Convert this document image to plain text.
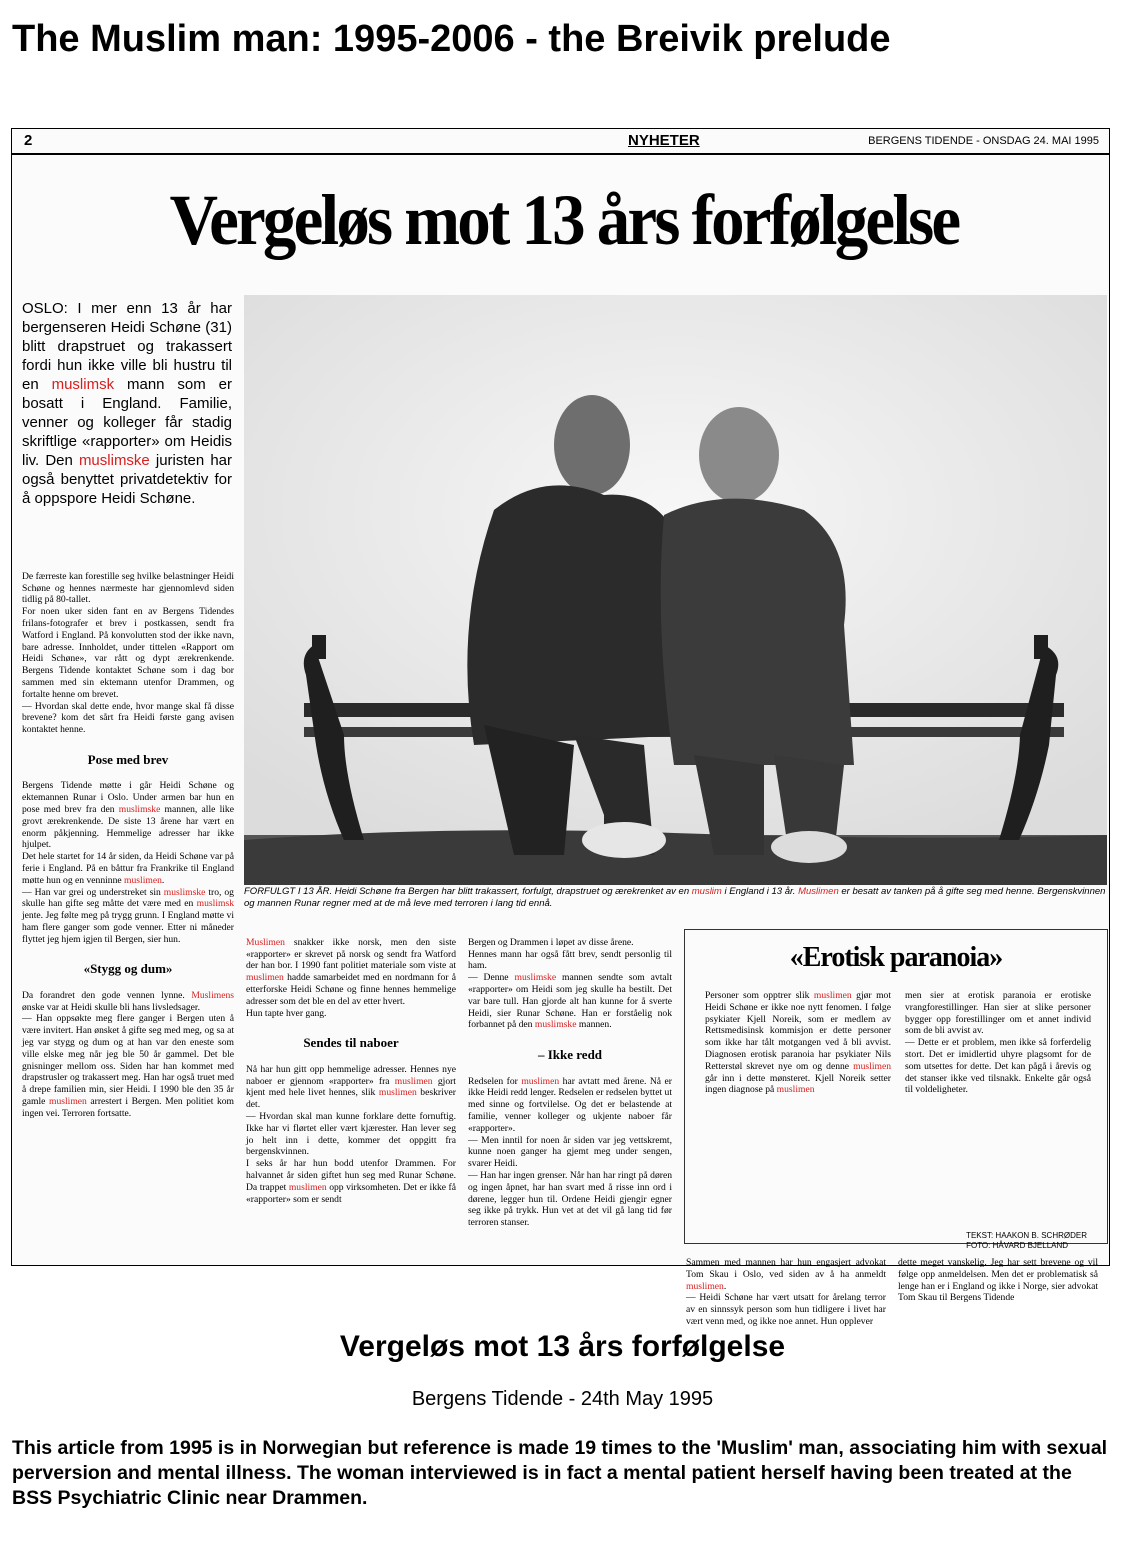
The Muslim man: 1995-2006 - the Breivik prelude
2	NYHETER	BERGENS TIDENDE - ONSDAG 24. MAI 1995
Vergeløs mot 13 års forfølgelse
OSLO: I mer enn 13 år har bergenseren Heidi Schøne (31) blitt drapstruet og trakassert fordi hun ikke ville bli hustru til en muslimsk mann som er bosatt i England. Familie, venner og kolleger får stadig skriftlige «rapporter» om Heidis liv. Den muslimske juristen har også benyttet privatdetektiv for å oppspore Heidi Schøne.

De færreste kan forestille seg hvilke belastninger Heidi Schøne og hennes nærmeste har gjennomlevd siden tidlig på 80-tallet.
For noen uker siden fant en av Bergens Tidendes frilans-fotografer et brev i postkassen, sendt fra Watford i England. På konvolutten stod der ikke navn, bare adresse. Innholdet, under tittelen «Rapport om Heidi Schøne», var rått og dypt ærekrenkende. Bergens Tidende kontaktet Schøne som i dag bor sammen med sin ektemann utenfor Drammen, og fortalte henne om brevet.
— Hvordan skal dette ende, hvor mange skal få disse brevene? kom det sårt fra Heidi første gang avisen kontaktet henne.

Pose med brev

Bergens Tidende møtte i går Heidi Schøne og ektemannen Runar i Oslo. Under armen bar hun en pose med brev fra den muslimske mannen, alle like grovt ærekrenkende. De siste 13 årene har vært en enorm påkjenning. Hemmelige adresser har ikke hjulpet.
Det hele startet for 14 år siden, da Heidi Schøne var på ferie i England. På en båttur fra Frankrike til England møtte hun og en venninne muslimen.
— Han var grei og understreket sin muslimske tro, og skulle han gifte seg måtte det være med en muslimsk jente. Jeg følte meg på trygg grunn. I England møtte vi ham flere ganger som gode venner. Etter ni måneder flyttet jeg hjem igjen til Bergen, sier hun.

«Stygg og dum»

Da forandret den gode vennen lynne. Muslimens ønske var at Heidi skulle bli hans livsledsager.
— Han oppsøkte meg flere ganger i Bergen uten å være invitert. Han ønsket å gifte seg med meg, og sa at jeg var stygg og dum og at han var den eneste som ville elske meg når jeg ble 50 år gammel. Det ble gnisninger mellom oss. Siden har han kommet med drapstrusler og trakassert meg. Han har også truet med å drepe familien min, sier Heidi. I 1990 ble den 35 år gamle muslimen arrestert i Bergen. Men politiet kom ingen vei. Terroren fortsatte.

FORFULGT I 13 ÅR. Heidi Schøne fra Bergen har blitt trakassert, forfulgt, drapstruet og ærekrenket av en muslim i England i 13 år. Muslimen er besatt av tanken på å gifte seg med henne. Bergenskvinnen og mannen Runar regner med at de må leve med terroren i lang tid ennå.

Muslimen snakker ikke norsk, men den siste «rapporter» er skrevet på norsk og sendt fra Watford der han bor. I 1990 fant politiet materiale som viste at muslimen hadde samarbeidet med en nordmann for å etterforske Heidi Schøne og finne hennes hemmelige adresser som det ble en del av etter hvert.
Hun tapte hver gang.

Sendes til naboer

Nå har hun gitt opp hemmelige adresser. Hennes nye naboer er gjennom «rapporter» fra muslimen gjort kjent med hele livet hennes, slik muslimen beskriver det.
— Hvordan skal man kunne forklare dette fornuftig. Ikke har vi flørtet eller vært kjærester. Han lever seg jo helt inn i dette, kommer det oppgitt fra bergenskvinnen.
I seks år har hun bodd utenfor Drammen. For halvannet år siden giftet hun seg med Runar Schøne. Da trappet muslimen opp virksomheten. Det er ikke få «rapporter» som er sendt

Bergen og Drammen i løpet av disse årene.
Hennes mann har også fått brev, sendt personlig til ham.
— Denne muslimske mannen sendte som avtalt «rapporter» om Heidi som jeg skulle ha bestilt. Det var bare tull. Han gjorde alt han kunne for å sverte Heidi, sier Runar Schøne. Han er forståelig nok forbannet på den muslimske mannen.

– Ikke redd

Redselen for muslimen har avtatt med årene. Nå er ikke Heidi redd lenger. Redselen er redselen byttet ut med sinne og fortvilelse. Og det er belastende at familie, venner kolleger og ukjente naboer får «rapporter».
— Men inntil for noen år siden var jeg vettskremt, kunne noen ganger ha gjemt meg under sengen, svarer Heidi.
— Han har ingen grenser. Når han har ringt på døren og ingen åpnet, har han svart med å risse inn ord i dørene, legger hun til. Ordene Heidi gjengir egner seg ikke på trykk. Hun vet at det vil gå lang tid før terroren stanser.

«Erotisk paranoia»
Personer som opptrer slik muslimen gjør mot Heidi Schøne er ikke noe nytt fenomen. I følge psykiater Kjell Noreik, som er medlem av Rettsmedisinsk kommisjon er dette personer som ikke har tålt motgangen ved å bli avvist. Diagnosen erotisk paranoia har psykiater Nils Retterstøl skrevet nye om og denne muslimen går inn i dette mønsteret. Kjell Noreik setter ingen diagnose på muslimen
men sier at erotisk paranoia er erotiske vrangforestillinger. Han sier at slike personer bygger opp forestillinger om et annet individ som de bli avvist av.
— Dette er et problem, men ikke så forferdelig stort. Det er imidlertid uhyre plagsomt for de som utsettes for dette. Det kan pågå i årevis og det stanser ikke ved tilsnakk. Enkelte går også til voldeligheter.
Sammen med mannen har hun engasjert advokat Tom Skau i Oslo, ved siden av å ha anmeldt muslimen.
— Heidi Schøne har vært utsatt for årelang terror av en sinnssyk person som hun tidligere i livet har vært venn med, og ikke noe annet. Hun opplever
dette meget vanskelig. Jeg har sett brevene og vil følge opp anmeldelsen. Men det er problematisk så lenge han er i England og ikke i Norge, sier advokat Tom Skau til Bergens Tidende
TEKST: HAAKON B. SCHRØDER
FOTO: HÅVARD BJELLAND
Vergeløs mot 13 års forfølgelse
Bergens Tidende - 24th May 1995
This article from 1995 is in Norwegian but reference is made 19 times to the 'Muslim' man, associating him with sexual perversion and mental illness. The woman interviewed is in fact a mental patient herself having been treated at the BSS Psychiatric Clinic near Drammen.
